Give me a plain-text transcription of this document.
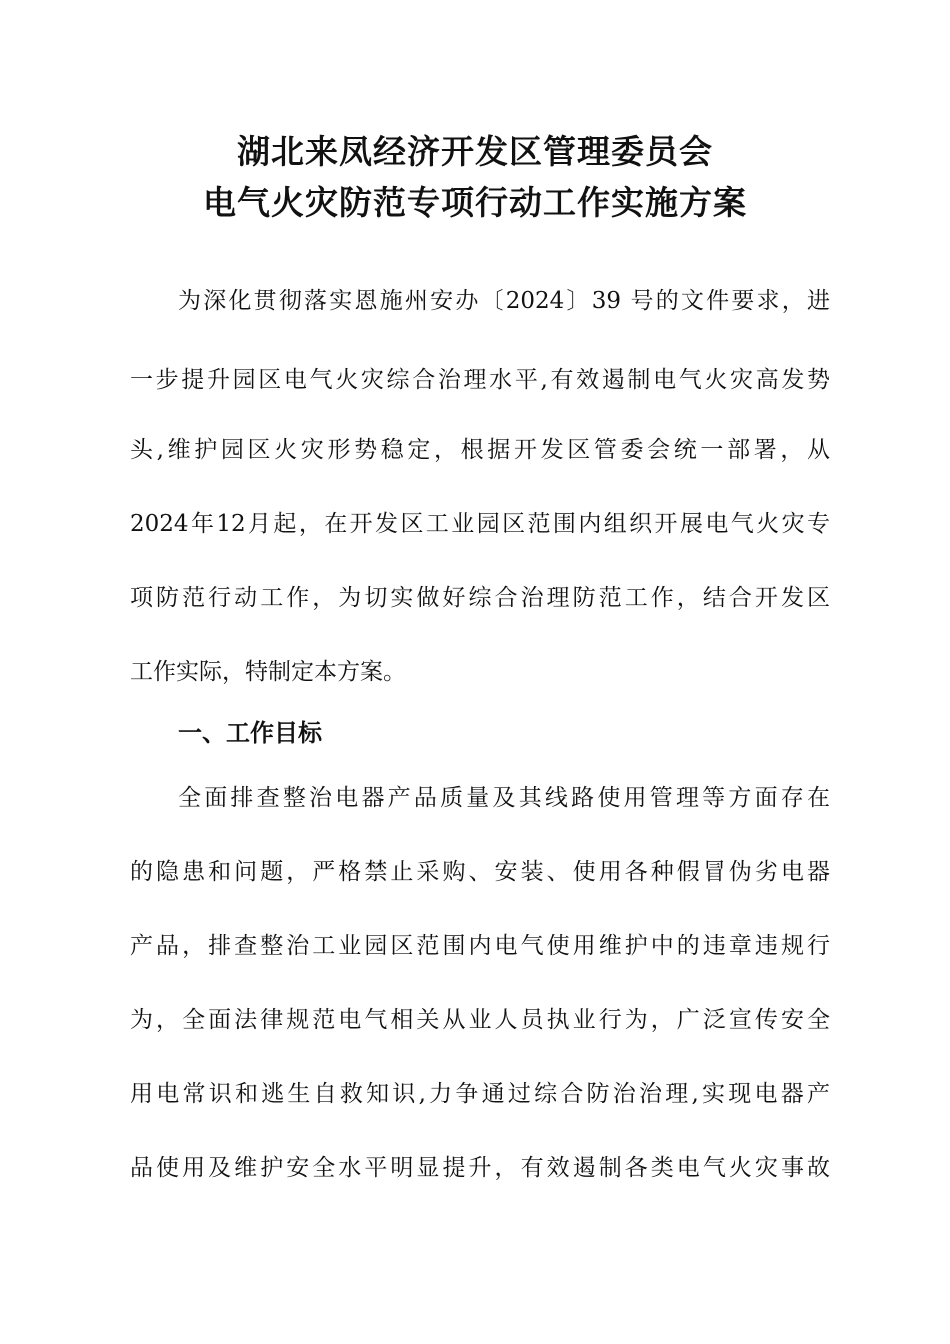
湖北来凤经济开发区管理委员会
电气火灾防范专项行动工作实施方案
为深化贯彻落实恩施州安办〔2024〕39 号的文件要求，进
一步提升园区电气火灾综合治理水平,有效遏制电气火灾高发势
头,维护园区火灾形势稳定，根据开发区管委会统一部署，从
2024年12月起，在开发区工业园区范围内组织开展电气火灾专
项防范行动工作，为切实做好综合治理防范工作，结合开发区
工作实际，特制定本方案。
一、工作目标
全面排查整治电器产品质量及其线路使用管理等方面存在
的隐患和问题，严格禁止采购、安装、使用各种假冒伪劣电器
产品，排查整治工业园区范围内电气使用维护中的违章违规行
为，全面法律规范电气相关从业人员执业行为，广泛宣传安全
用电常识和逃生自救知识,力争通过综合防治治理,实现电器产
品使用及维护安全水平明显提升，有效遏制各类电气火灾事故
